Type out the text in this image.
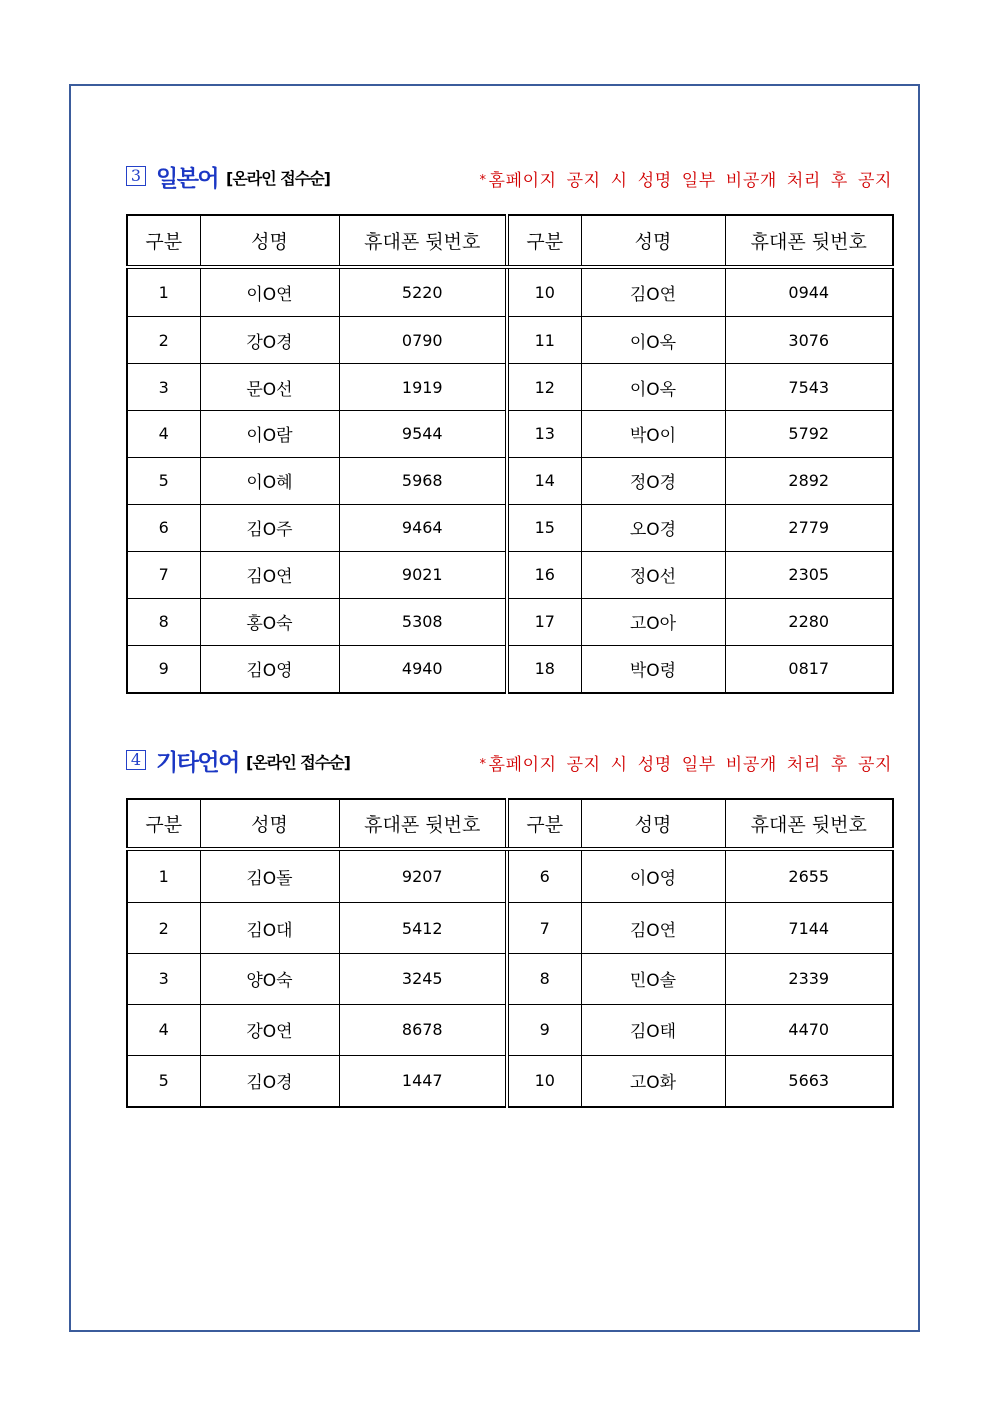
3 일본어 [온라인 접수순]	* 홈페이지 공지 시 성명 일부 비공개 처리 후 공지
구분	성명	휴대폰 뒷번호	구분	성명	휴대폰 뒷번호
1	이O연	5220	10	김O연	0944
2	강O경	0790	11	이O옥	3076
3	문O선	1919	12	이O옥	7543
4	이O람	9544	13	박O이	5792
5	이O혜	5968	14	정O경	2892
6	김O주	9464	15	오O경	2779
7	김O연	9021	16	정O선	2305
8	홍O숙	5308	17	고O아	2280
9	김O영	4940	18	박O령	0817
4 기타언어 [온라인 접수순]	* 홈페이지 공지 시 성명 일부 비공개 처리 후 공지
구분	성명	휴대폰 뒷번호	구분	성명	휴대폰 뒷번호
1	김O돌	9207	6	이O영	2655
2	김O대	5412	7	김O연	7144
3	양O숙	3245	8	민O솔	2339
4	강O연	8678	9	김O태	4470
5	김O경	1447	10	고O화	5663
